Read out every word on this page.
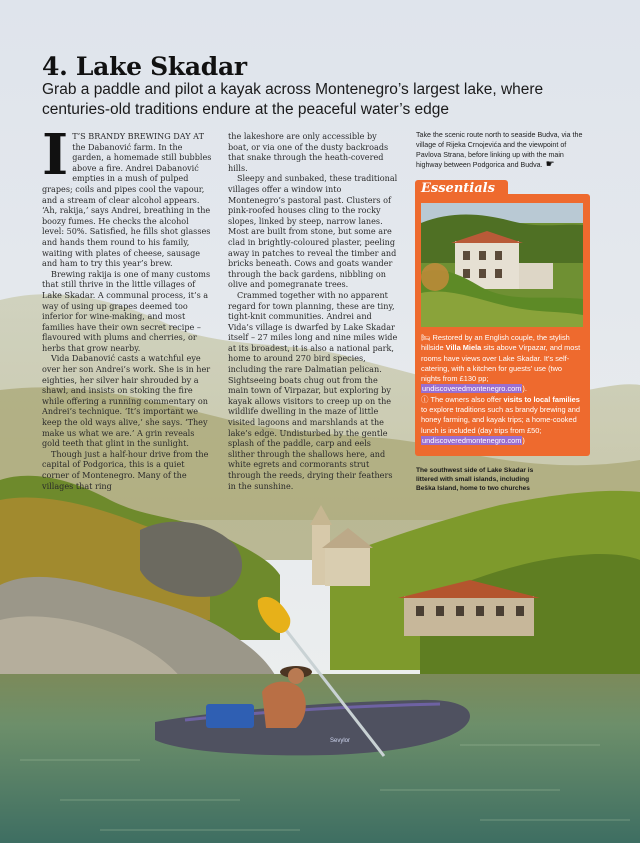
Sevylor
4. Lake Skadar
Grab a paddle and pilot a kayak across Montenegro’s largest lake, where centuries-old traditions endure at the peaceful water’s edge
I T’S BRANDY BREWING DAY AT the Dabanović farm. In the garden, a homemade still bubbles above a fire. Andrei Dabanović empties in a mush of pulped grapes; coils and pipes cool the vapour, and a stream of clear alcohol appears. ‘Ah, rakija,’ says Andrei, breathing in the boozy fumes. He checks the alcohol level: 50%. Satisfied, he fills shot glasses and hands them round to his family, waiting with plates of cheese, sausage and ham to try this year’s brew.

Brewing rakija is one of many customs that still thrive in the little villages of Lake Skadar. A communal process, it’s a way of using up grapes deemed too inferior for wine-making, and most families have their own secret recipe – flavoured with plums and cherries, or herbs that grow nearby.

Vida Dabanović casts a watchful eye over her son Andrei’s work. She is in her eighties, her silver hair shrouded by a shawl, and insists on stoking the fire while offering a running commentary on Andrei’s technique. ‘It’s important we keep the old ways alive,’ she says. ‘They make us what we are.’ A grin reveals gold teeth that glint in the sunlight.

Though just a half-hour drive from the capital of Podgorica, this is a quiet corner of Montenegro. Many of the villages that ring

the lakeshore are only accessible by boat, or via one of the dusty backroads that snake through the heath-covered hills.

Sleepy and sunbaked, these traditional villages offer a window into Montenegro’s pastoral past. Clusters of pink-roofed houses cling to the rocky slopes, linked by steep, narrow lanes. Most are built from stone, but some are clad in brightly-coloured plaster, peeling away in patches to reveal the timber and bricks beneath. Cows and goats wander through the back gardens, nibbling on olive and pomegranate trees.

Crammed together with no apparent regard for town planning, these are tiny, tight-knit communities. Andrei and Vida’s village is dwarfed by Lake Skadar itself – 27 miles long and nine miles wide at its broadest, it is also a national park, home to around 270 bird species, including the rare Dalmatian pelican. Sightseeing boats chug out from the main town of Virpazar, but exploring by kayak allows visitors to creep up on the wildlife dwelling in the maze of little visited lagoons and marshlands at the lake’s edge. Undisturbed by the gentle splash of the paddle, carp and eels slither through the shallows here, and white egrets and cormorants strut through the reeds, drying their feathers in the sunshine.

Take the scenic route north to seaside Budva, via the village of Rijeka Crnojevića and the viewpoint of Pavlova Strana, before linking up with the main highway between Podgorica and Budva. ☛
Essentials

🛏 Restored by an English couple, the stylish hillside Villa Miela sits above Virpazar, and most rooms have views over Lake Skadar. It’s self-catering, with a kitchen for guests’ use (two nights from £130 pp; undiscoveredmontenegro.com).

ⓘ The owners also offer visits to local families to explore traditions such as brandy brewing and honey farming, and kayak trips; a home-cooked lunch is included (day trips from £50; undiscoveredmontenegro.com)

The southwest side of Lake Skadar is littered with small islands, including Beška Island, home to two churches
